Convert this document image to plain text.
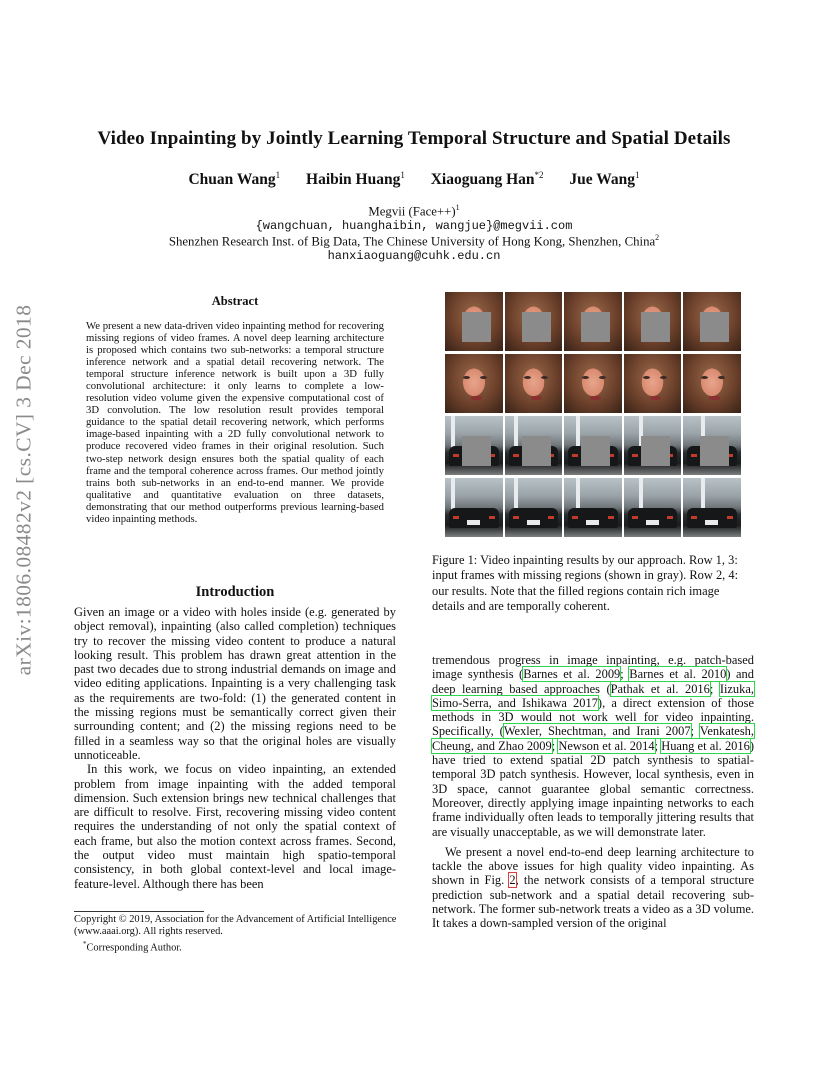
Video Inpainting by Jointly Learning Temporal Structure and Spatial Details
Chuan Wang$^1$ Haibin Huang$^1$ Xiaoguang Han$^{*2}$ Jue Wang$^1$
Megvii (Face++)$^1$
{wangchuan, huanghaibin, wangjue}@megvii.com
Shenzhen Research Inst. of Big Data, The Chinese University of Hong Kong, Shenzhen, China$^2$
hanxiaoguang@cuhk.edu.cn
arXiv:1806.08482v2 [cs.CV] 3 Dec 2018
Abstract
We present a new data-driven video inpainting method for recovering missing regions of video frames. A novel deep learning architecture is proposed which contains two sub-networks: a temporal structure inference network and a spatial detail recovering network. The temporal structure inference network is built upon a 3D fully convolutional architecture: it only learns to complete a low-resolution video volume given the expensive computational cost of 3D convolution. The low resolution result provides temporal guidance to the spatial detail recovering network, which performs image-based inpainting with a 2D fully convolutional network to produce recovered video frames in their original resolution. Such two-step network design ensures both the spatial quality of each frame and the temporal coherence across frames. Our method jointly trains both sub-networks in an end-to-end manner. We provide qualitative and quantitative evaluation on three datasets, demonstrating that our method outperforms previous learning-based video inpainting methods.
Introduction

Given an image or a video with holes inside (e.g. generated by object removal), inpainting (also called completion) techniques try to recover the missing video content to produce a natural looking result. This problem has drawn great attention in the past two decades due to strong industrial demands on image and video editing applications. Inpainting is a very challenging task as the requirements are two-fold: (1) the generated content in the missing regions must be semantically correct given their surrounding content; and (2) the missing regions need to be filled in a seamless way so that the original holes are visually unnoticeable.

In this work, we focus on video inpainting, an extended problem from image inpainting with the added temporal dimension. Such extension brings new technical challenges that are difficult to resolve. First, recovering missing video content requires the understanding of not only the spatial context of each frame, but also the motion context across frames. Second, the output video must maintain high spatio-temporal consistency, in both global context-level and local image-feature-level. Although there has been

tremendous progress in image inpainting, e.g. patch-based image synthesis (Barnes et al. 2009; Barnes et al. 2010) and deep learning based approaches (Pathak et al. 2016; Iizuka, Simo-Serra, and Ishikawa 2017), a direct extension of those methods in 3D would not work well for video inpainting. Specifically, (Wexler, Shechtman, and Irani 2007; Venkatesh, Cheung, and Zhao 2009; Newson et al. 2014; Huang et al. 2016) have tried to extend spatial 2D patch synthesis to spatial-temporal 3D patch synthesis. However, local synthesis, even in 3D space, cannot guarantee global semantic correctness. Moreover, directly applying image inpainting networks to each frame individually often leads to temporally jittering results that are visually unacceptable, as we will demonstrate later.

We present a novel end-to-end deep learning architecture to tackle the above issues for high quality video inpainting. As shown in Fig. 2, the network consists of a temporal structure prediction sub-network and a spatial detail recovering sub-network. The former sub-network treats a video as a 3D volume. It takes a down-sampled version of the original

Figure 1: Video inpainting results by our approach. Row 1, 3: input frames with missing regions (shown in gray). Row 2, 4: our results. Note that the filled regions contain rich image details and are temporally coherent.
Copyright © 2019, Association for the Advancement of Artificial Intelligence (www.aaai.org). All rights reserved.
*Corresponding Author.
